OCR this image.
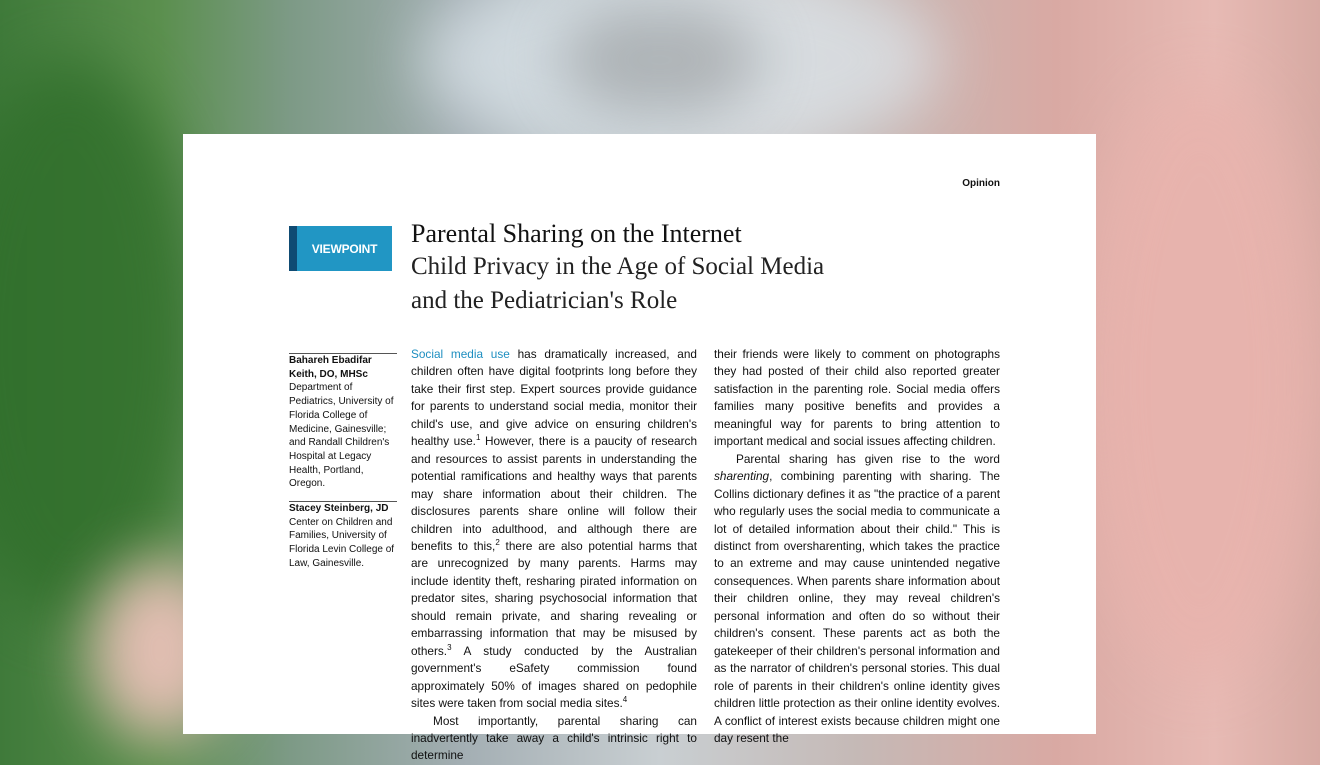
Opinion
VIEWPOINT

Parental Sharing on the Internet

Child Privacy in the Age of Social Media

and the Pediatrician's Role

Bahareh Ebadifar
Keith, DO, MHSc
Department of Pediatrics, University of Florida College of Medicine, Gainesville; and Randall Children's Hospital at Legacy Health, Portland, Oregon.
Stacey Steinberg, JD
Center on Children and Families, University of Florida Levin College of Law, Gainesville.

Social media use has dramatically increased, and children often have digital footprints long before they take their first step. Expert sources provide guidance for parents to understand social media, monitor their child's use, and give advice on ensuring children's healthy use.$^1$ However, there is a paucity of research and resources to assist parents in understanding the potential ramifications and healthy ways that parents may share information about their children. The disclosures parents share online will follow their children into adulthood, and although there are benefits to this,$^2$ there are also potential harms that are unrecognized by many parents. Harms may include identity theft, resharing pirated information on predator sites, sharing psychosocial information that should remain private, and sharing revealing or embarrassing information that may be misused by others.$^3$ A study conducted by the Australian government's eSafety commission found approximately 50% of images shared on pedophile sites were taken from social media sites.$^4$

Most importantly, parental sharing can inadvertently take away a child's intrinsic right to determine

their friends were likely to comment on photographs they had posted of their child also reported greater satisfaction in the parenting role. Social media offers families many positive benefits and provides a meaningful way for parents to bring attention to important medical and social issues affecting children.

Parental sharing has given rise to the word sharenting, combining parenting with sharing. The Collins dictionary defines it as "the practice of a parent who regularly uses the social media to communicate a lot of detailed information about their child." This is distinct from oversharenting, which takes the practice to an extreme and may cause unintended negative consequences. When parents share information about their children online, they may reveal children's personal information and often do so without their children's consent. These parents act as both the gatekeeper of their children's personal information and as the narrator of children's personal stories. This dual role of parents in their children's online identity gives children little protection as their online identity evolves. A conflict of interest exists because children might one day resent the
